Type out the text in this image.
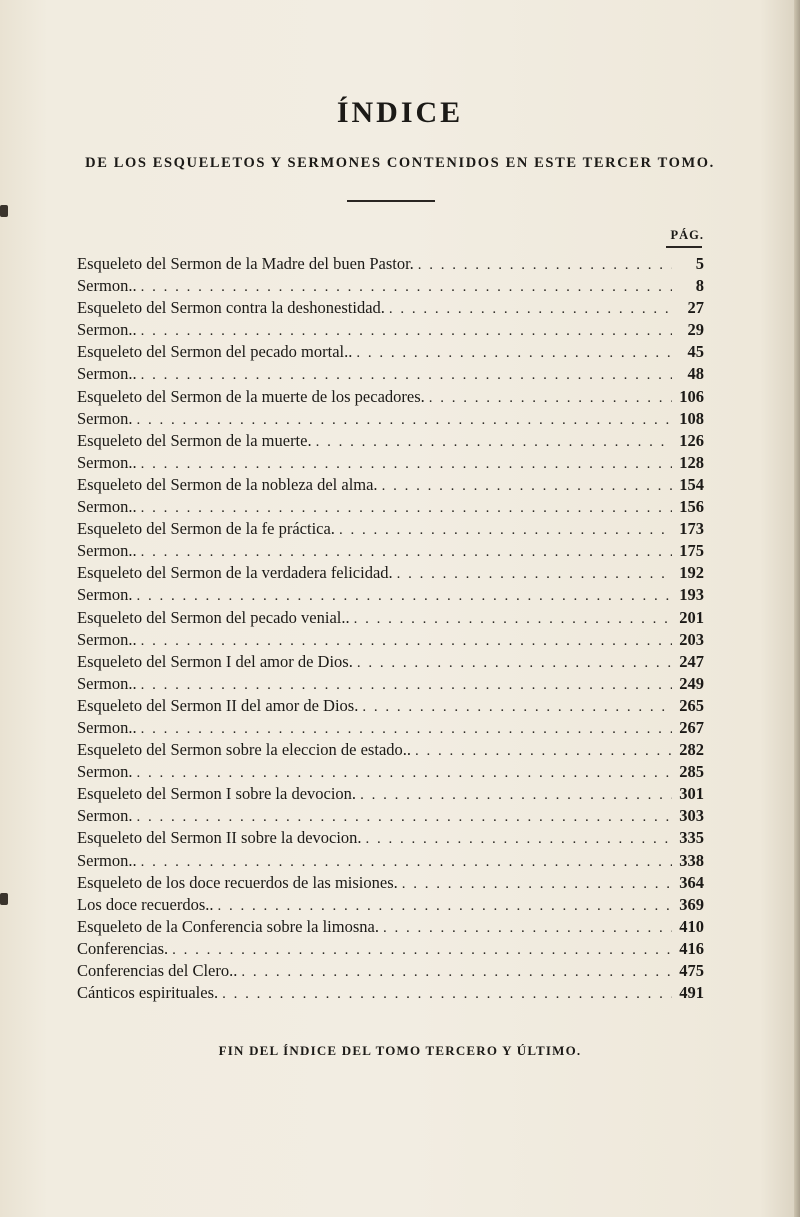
ÍNDICE
DE LOS ESQUELETOS Y SERMONES CONTENIDOS EN ESTE TERCER TOMO.
PÁG.
Esqueleto del Sermon de la Madre del buen Pastor. . . .	5
Sermon.. . . .	8
Esqueleto del Sermon contra la deshonestidad. . . .	27
Sermon.. . . .	29
Esqueleto del Sermon del pecado mortal.. . . .	45
Sermon.. . . .	48
Esqueleto del Sermon de la muerte de los pecadores. . . .	106
Sermon. . . .	108
Esqueleto del Sermon de la muerte. . . .	126
Sermon.. . . .	128
Esqueleto del Sermon de la nobleza del alma. . . .	154
Sermon.. . . .	156
Esqueleto del Sermon de la fe práctica. . . .	173
Sermon.. . . .	175
Esqueleto del Sermon de la verdadera felicidad. . . .	192
Sermon. . . .	193
Esqueleto del Sermon del pecado venial.. . . .	201
Sermon.. . . .	203
Esqueleto del Sermon I del amor de Dios. . . .	247
Sermon.. . . .	249
Esqueleto del Sermon II del amor de Dios. . . .	265
Sermon.. . . .	267
Esqueleto del Sermon sobre la eleccion de estado.. . . .	282
Sermon. . . .	285
Esqueleto del Sermon I sobre la devocion. . . .	301
Sermon. . . .	303
Esqueleto del Sermon II sobre la devocion. . . .	335
Sermon.. . . .	338
Esqueleto de los doce recuerdos de las misiones. . . .	364
Los doce recuerdos.. . . .	369
Esqueleto de la Conferencia sobre la limosna. . . .	410
Conferencias. . . .	416
Conferencias del Clero.. . . .	475
Cánticos espirituales. . . .	491
FIN DEL ÍNDICE DEL TOMO TERCERO Y ÚLTIMO.
